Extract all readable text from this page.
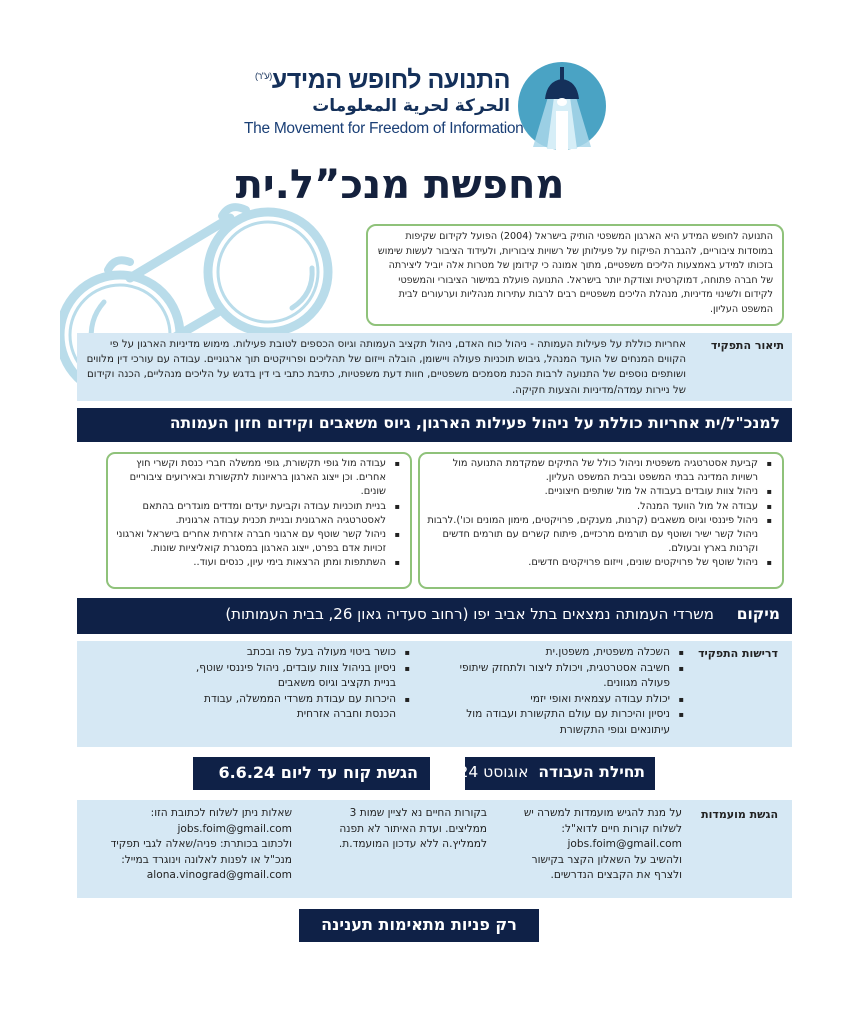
התנועה לחופש המידע$^{(ע"ר)}$
الحركة لحرية المعلومات
The Movement for Freedom of Information
מחפשת מנכ”ל.ית
התנועה לחופש המידע היא הארגון המשפטי הותיק בישראל (2004) הפועל לקידום שקיפות במוסדות ציבוריים, להגברת הפיקוח על פעילותן של רשויות ציבוריות, ולעידוד הציבור לעשות שימוש בזכותו למידע באמצעות הליכים משפטיים, מתוך אמונה כי קידומן של מטרות אלה יוביל ליצירתה של חברה פתוחה, דמוקרטית וצודקת יותר בישראל. התנועה פועלת במישור הציבורי והמשפטי לקידום ולשינוי מדיניות, מנהלת הליכים משפטיים רבים לרבות עתירות מנהליות וערעורים לבית המשפט העליון.
תיאור התפקיד
אחריות כוללת על פעילות העמותה - ניהול כוח האדם, ניהול תקציב העמותה וגיוס הכספים לטובת פעילות. מימוש מדיניות הארגון על פי הקווים המנחים של הועד המנהל, גיבוש תוכניות פעולה ויישומן, הובלה וייזום של תהליכים ופרויקטים תוך ארגוניים. עבודה עם עורכי דין מלווים ושותפים נוספים של התנועה לרבות הכנת מסמכים משפטיים, חוות דעת משפטיות, כתיבת כתבי בי דין בדגש על הליכים מנהליים, הכנה וקידום של ניירות עמדה/מדיניות והצעות חקיקה.
למנכ"ל/ית אחריות כוללת על ניהול פעילות הארגון, גיוס משאבים וקידום חזון העמותה
▪ קביעת אסטרטגיה משפטית וניהול כולל של התיקים שמקדמת התנועה מול רשויות המדינה בבתי המשפט ובבית המשפט העליון.
▪ ניהול צוות עובדים בעבודה אל מול שותפים חיצוניים.
▪ עבודה אל מול הוועד המנהל.
▪ ניהול פיננסי וגיוס משאבים (קרנות, מענקים, פרויקטים, מימון המונים וכו').לרבות ניהול קשר ישיר ושוטף עם תורמים מרכזיים, פיתוח קשרים עם תורמים חדשים וקרנות בארץ ובעולם.
▪ ניהול שוטף של פרויקטים שונים, וייזום פרויקטים חדשים.
▪ עבודה מול גופי תקשורת, גופי ממשלה חברי כנסת וקשרי חוץ אחרים. וכן ייצוג הארגון בראיונות לתקשורת ובאירועים ציבוריים שונים.
▪ בניית תוכניות עבודה וקביעת יעדים ומדדים מוגדרים בהתאם לאסטרטגיה הארגונית ובניית תכנית עבודה ארגונית.
▪ ניהול קשר שוטף עם ארגוני חברה אזרחית אחרים בישראל וארגוני זכויות אדם בפרט, ייצוג הארגון במסגרת קואליציות שונות.
▪ השתתפות ומתן הרצאות בימי עיון, כנסים ועוד..
מיקום
משרדי העמותה נמצאים בתל אביב יפו (רחוב סעדיה גאון 26, בבית העמותות)
דרישות התפקיד
▪ השכלה משפטית, משפטן.ית
▪ חשיבה אסטרטגית, ויכולת ליצור ולתחזק שיתופי פעולה מגוונים.
▪ יכולת עבודה עצמאית ואופי יזמי
▪ ניסיון והיכרות עם עולם התקשורת ועבודה מול עיתונאים וגופי התקשורת
▪ כושר ביטוי מעולה בעל פה ובכתב
▪ ניסיון בניהול צוות עובדים, ניהול פיננסי שוטף, בניית תקציב וגיוס משאבים
▪ היכרות עם עבודת משרדי הממשלה, עבודת הכנסת וחברה אזרחית
תחילת העבודה  אוגוסט 2024
הגשת קוח עד ליום 6.6.24
הגשת מועמדות
על מנת להגיש מועמדות למשרה יש לשלוח קורות חיים לדוא"ל:
jobs.foim@gmail.com
ולהשיב על השאלון הקצר בקישור ולצרף את הקבצים הנדרשים.
בקורות החיים נא לציין שמות 3 ממליצים. ועדת האיתור לא תפנה לממליץ.ה ללא עדכון המועמד.ת.
שאלות ניתן לשלוח לכתובת הזו:
jobs.foim@gmail.com
ולכתוב בכותרת: פניה/שאלה לגבי תפקיד מנכ"ל או לפנות לאלונה וינוגרד במייל:
alona.vinograd@gmail.com
רק פניות מתאימות תענינה
